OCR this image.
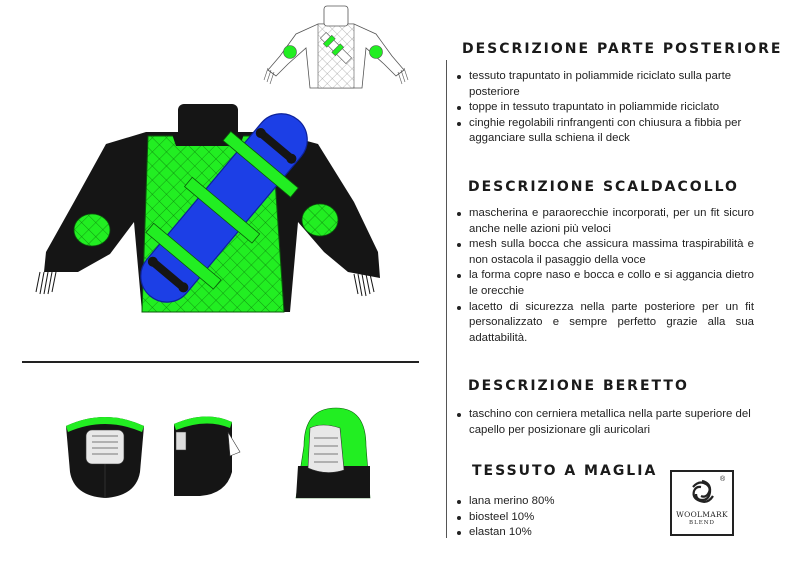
DESCRIZIONE PARTE POSTERIORE
tessuto trapuntato in poliammide riciclato sulla parte posteriore
toppe in tessuto trapuntato in poliammide riciclato
cinghie regolabili rinfrangenti con chiusura a fibbia per agganciare sulla schiena il deck
DESCRIZIONE SCALDACOLLO
mascherina e paraorecchie incorporati, per un fit sicuro anche nelle azioni più veloci
mesh sulla bocca che assicura massima traspirabilità e non ostacola il pasaggio della voce
la forma copre naso e bocca e collo e si aggancia dietro le orecchie
lacetto di sicurezza nella parte posteriore per un fit personalizzato e sempre perfetto grazie alla sua adattabilità.
DESCRIZIONE BERETTO
taschino con cerniera metallica nella parte superiore del capello per posizionare gli auricolari
TESSUTO A MAGLIA
lana merino 80%
biosteel 10%
elastan 10%
®
WOOLMARK
BLEND
